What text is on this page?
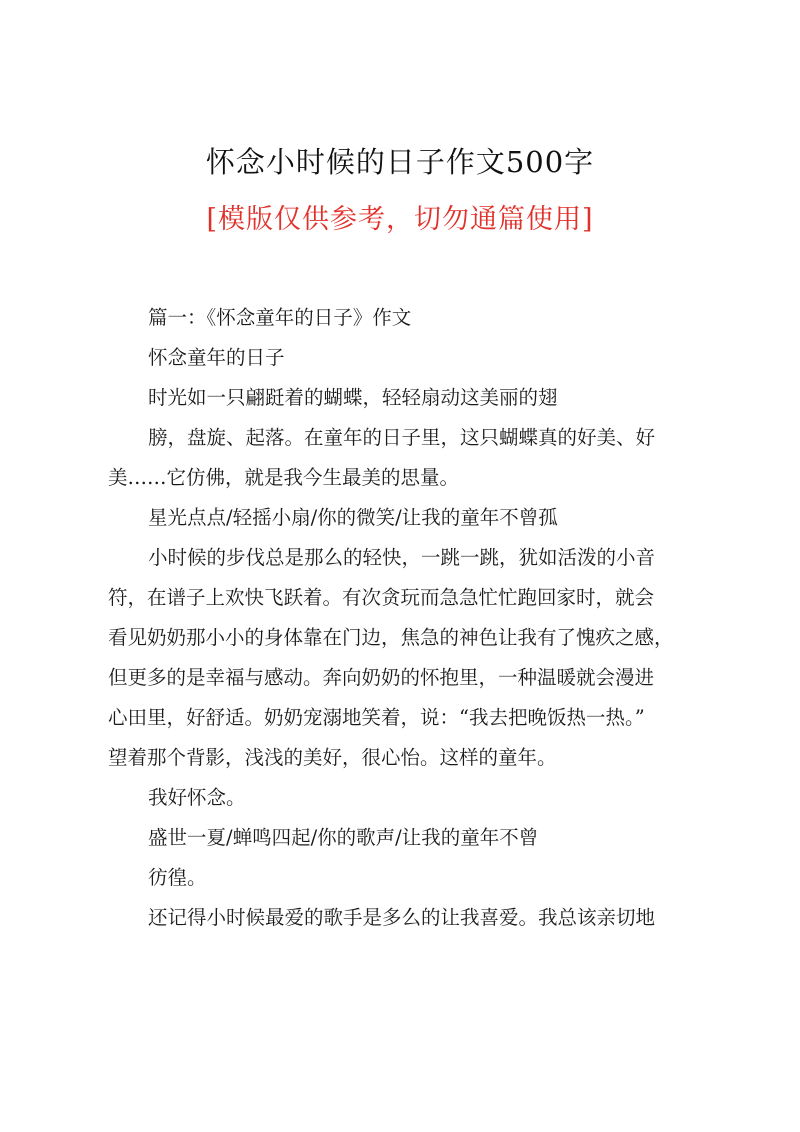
怀念小时候的日子作文500字
[模版仅供参考，切勿通篇使用]
篇一：《怀念童年的日子》作文
怀念童年的日子
时光如一只翩跹着的蝴蝶，轻轻扇动这美丽的翅
膀，盘旋、起落。在童年的日子里，这只蝴蝶真的好美、好
美……它仿佛，就是我今生最美的思量。
星光点点/轻摇小扇/你的微笑/让我的童年不曾孤
小时候的步伐总是那么的轻快，一跳一跳，犹如活泼的小音
符，在谱子上欢快飞跃着。有次贪玩而急急忙忙跑回家时，就会
看见奶奶那小小的身体靠在门边，焦急的神色让我有了愧疚之感，
但更多的是幸福与感动。奔向奶奶的怀抱里，一种温暖就会漫进
心田里，好舒适。奶奶宠溺地笑着，说：“我去把晚饭热一热。”
望着那个背影，浅浅的美好，很心怡。这样的童年。
我好怀念。
盛世一夏/蝉鸣四起/你的歌声/让我的童年不曾
彷徨。
还记得小时候最爱的歌手是多么的让我喜爱。我总该亲切地
